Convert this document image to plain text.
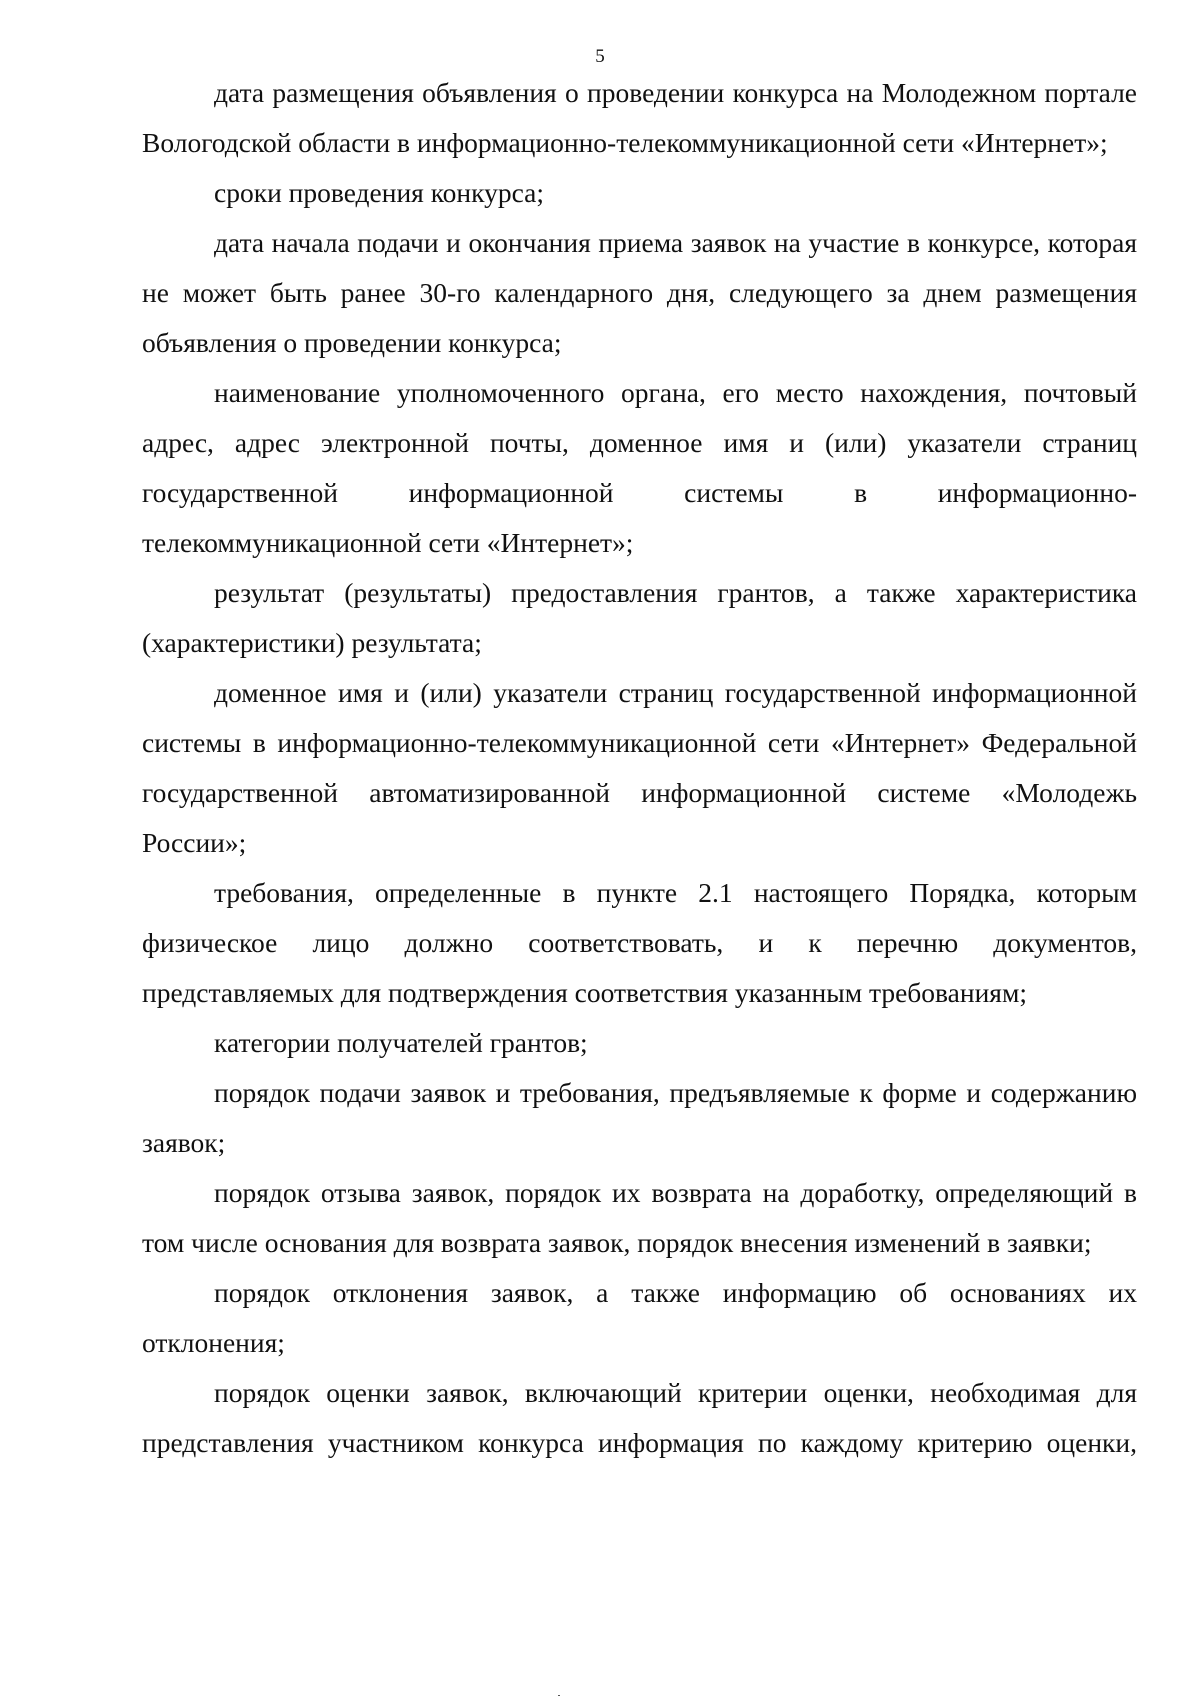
5

дата размещения объявления о проведении конкурса на Молодежном портале Вологодской области в информационно-телекоммуникационной сети «Интернет»;

сроки проведения конкурса;

дата начала подачи и окончания приема заявок на участие в конкурсе, которая не может быть ранее 30-го календарного дня, следующего за днем размещения объявления о проведении конкурса;

наименование уполномоченного органа, его место нахождения, почтовый адрес, адрес электронной почты, доменное имя и (или) указатели страниц государственной информационной системы в информационно-телекоммуникационной сети «Интернет»;

результат (результаты) предоставления грантов, а также характеристика (характеристики) результата;

доменное имя и (или) указатели страниц государственной информационной системы в информационно-телекоммуникационной сети «Интернет» Федеральной государственной автоматизированной информационной системе «Молодежь России»;

требования, определенные в пункте 2.1 настоящего Порядка, которым физическое лицо должно соответствовать, и к перечню документов, представляемых для подтверждения соответствия указанным требованиям;

категории получателей грантов;

порядок подачи заявок и требования, предъявляемые к форме и содержанию заявок;

порядок отзыва заявок, порядок их возврата на доработку, определяющий в том числе основания для возврата заявок, порядок внесения изменений в заявки;

порядок отклонения заявок, а также информацию об основаниях их отклонения;

порядок оценки заявок, включающий критерии оценки, необходимая для представления участником конкурса информация по каждому критерию оценки,
